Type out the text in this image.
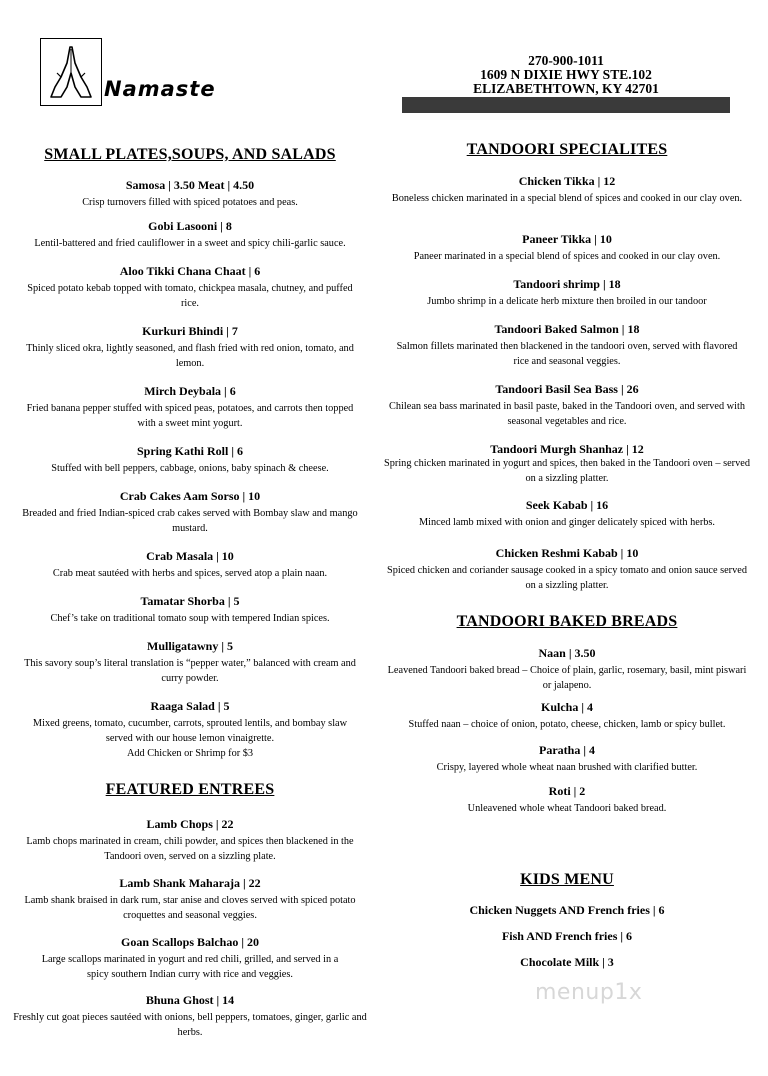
Namaste
270-900-1011
1609 N DIXIE HWY STE.102
ELIZABETHTOWN, KY 42701
SMALL PLATES,SOUPS, AND SALADS
Samosa | 3.50 Meat | 4.50
Crisp turnovers filled with spiced potatoes and peas.
Gobi Lasooni | 8
Lentil-battered and fried cauliflower in a sweet and spicy chili-garlic sauce.
Aloo Tikki Chana Chaat | 6
Spiced potato kebab topped with tomato, chickpea masala, chutney, and puffed rice.
Kurkuri Bhindi | 7
Thinly sliced okra, lightly seasoned, and flash fried with red onion, tomato, and lemon.
Mirch Deybala | 6
Fried banana pepper stuffed with spiced peas, potatoes, and carrots then topped with a sweet mint yogurt.
Spring Kathi Roll | 6
Stuffed with bell peppers, cabbage, onions, baby spinach & cheese.
Crab Cakes Aam Sorso | 10
Breaded and fried Indian-spiced crab cakes served with Bombay slaw and mango mustard.
Crab Masala | 10
Crab meat sautéed with herbs and spices, served atop a plain naan.
Tamatar Shorba | 5
Chef’s take on traditional tomato soup with tempered Indian spices.
Mulligatawny | 5
This savory soup’s literal translation is “pepper water,” balanced with cream and curry powder.
Raaga Salad | 5
Mixed greens, tomato, cucumber, carrots, sprouted lentils, and bombay slaw served with our house lemon vinaigrette.
Add Chicken or Shrimp for $3
FEATURED ENTREES
Lamb Chops | 22
Lamb chops marinated in cream, chili powder, and spices then blackened in the Tandoori oven, served on a sizzling plate.
Lamb Shank Maharaja | 22
Lamb shank braised in dark rum, star anise and cloves served with spiced potato croquettes and seasonal veggies.
Goan Scallops Balchao | 20
Large scallops marinated in yogurt and red chili, grilled, and served in a spicy southern Indian curry with rice and veggies.
Bhuna Ghost | 14
Freshly cut goat pieces sautéed with onions, bell peppers, tomatoes, ginger, garlic and herbs.
TANDOORI SPECIALITES
Chicken Tikka | 12
Boneless chicken marinated in a special blend of spices and cooked in our clay oven.
Paneer Tikka | 10
Paneer marinated in a special blend of spices and cooked in our clay oven.
Tandoori shrimp | 18
Jumbo shrimp in a delicate herb mixture then broiled in our tandoor
Tandoori Baked Salmon | 18
Salmon fillets marinated then blackened in the tandoori oven, served with flavored rice and seasonal veggies.
Tandoori Basil Sea Bass | 26
Chilean sea bass marinated in basil paste, baked in the Tandoori oven, and served with seasonal vegetables and rice.
Tandoori Murgh Shanhaz | 12
Spring chicken marinated in yogurt and spices, then baked in the Tandoori oven – served on a sizzling platter.
Seek Kabab | 16
Minced lamb mixed with onion and ginger delicately spiced with herbs.
Chicken Reshmi Kabab | 10
Spiced chicken and coriander sausage cooked in a spicy tomato and onion sauce served on a sizzling platter.
TANDOORI BAKED BREADS
Naan | 3.50
Leavened Tandoori baked bread – Choice of plain, garlic, rosemary, basil, mint piswari or jalapeno.
Kulcha | 4
Stuffed naan – choice of onion, potato, cheese, chicken, lamb or spicy bullet.
Paratha | 4
Crispy, layered whole wheat naan brushed with clarified butter.
Roti | 2
Unleavened whole wheat Tandoori baked bread.
KIDS MENU
Chicken Nuggets AND French fries | 6
Fish AND French fries | 6
Chocolate Milk | 3
menup1x
